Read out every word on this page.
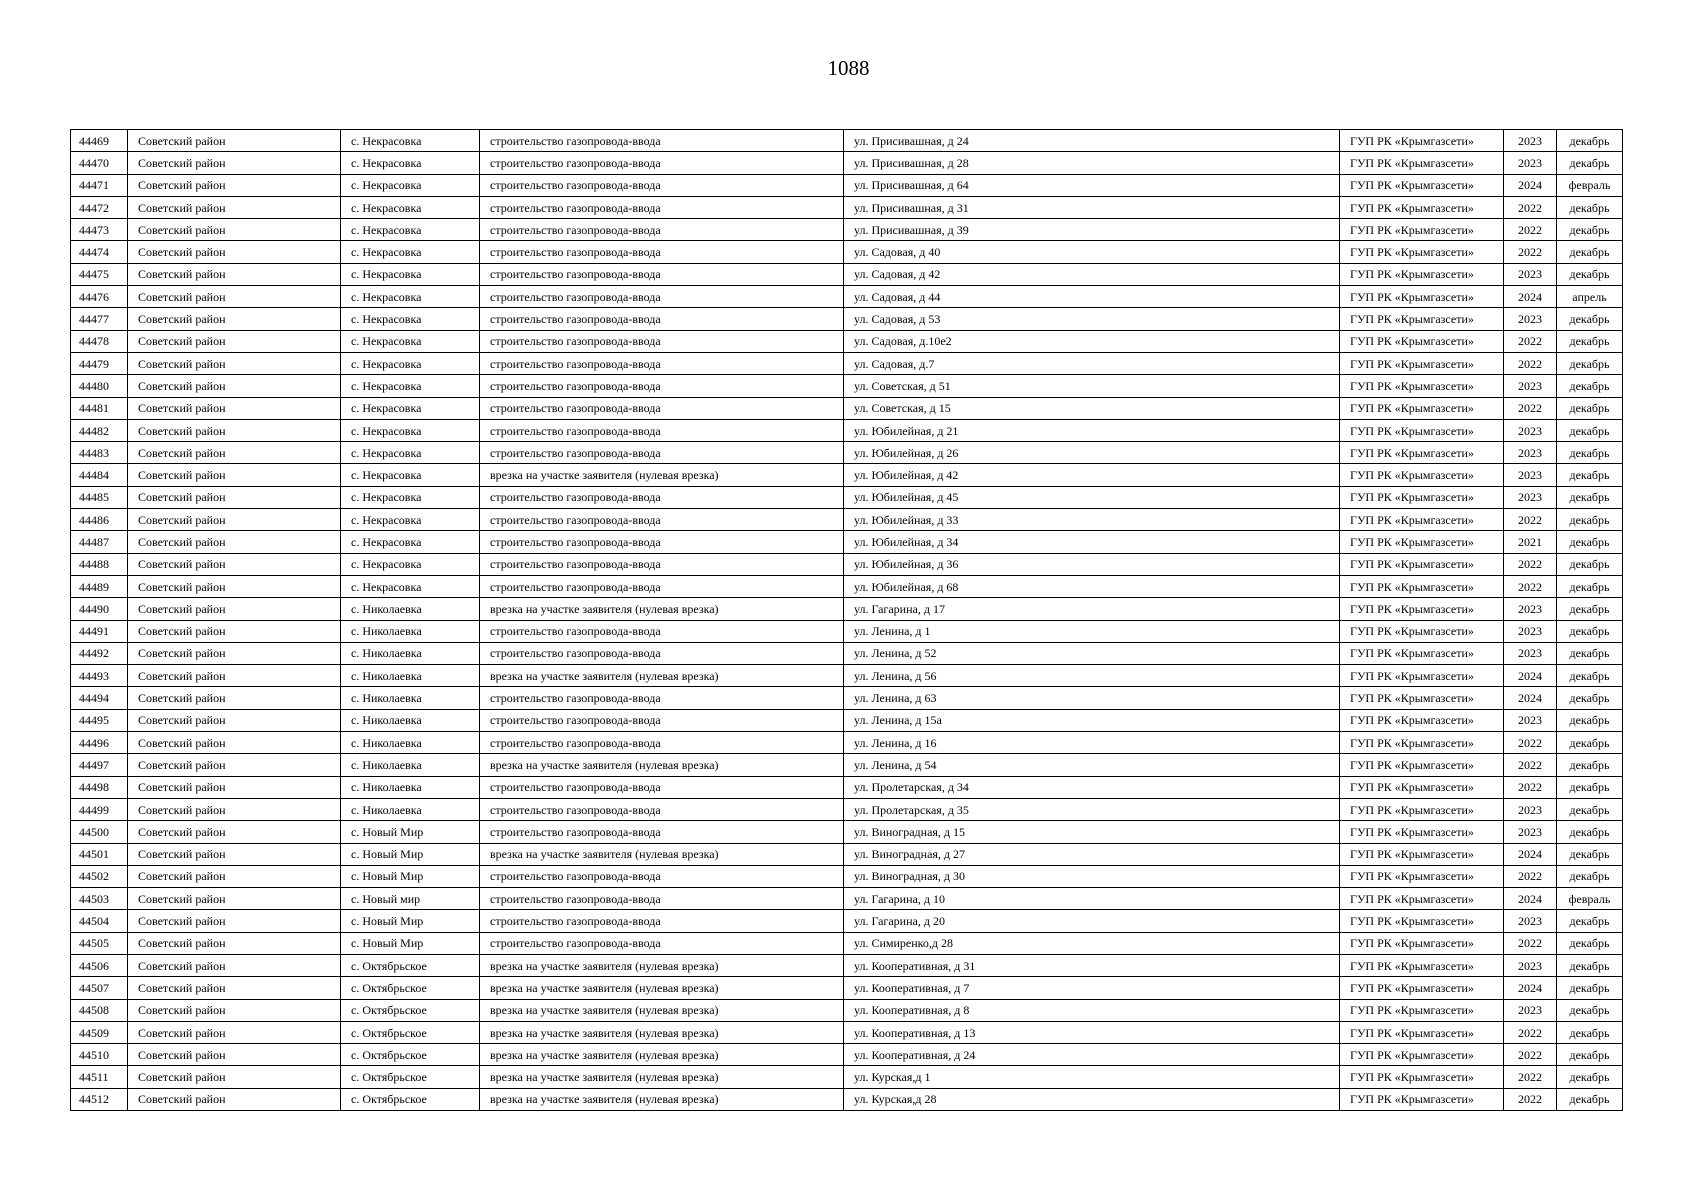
1088
44469	Советский район	с. Некрасовка	строительство газопровода-ввода	ул. Присивашная, д 24	ГУП РК «Крымгазсети»	2023	декабрь
44470	Советский район	с. Некрасовка	строительство газопровода-ввода	ул. Присивашная, д 28	ГУП РК «Крымгазсети»	2023	декабрь
44471	Советский район	с. Некрасовка	строительство газопровода-ввода	ул. Присивашная, д 64	ГУП РК «Крымгазсети»	2024	февраль
44472	Советский район	с. Некрасовка	строительство газопровода-ввода	ул. Присивашная, д 31	ГУП РК «Крымгазсети»	2022	декабрь
44473	Советский район	с. Некрасовка	строительство газопровода-ввода	ул. Присивашная, д 39	ГУП РК «Крымгазсети»	2022	декабрь
44474	Советский район	с. Некрасовка	строительство газопровода-ввода	ул. Садовая, д 40	ГУП РК «Крымгазсети»	2022	декабрь
44475	Советский район	с. Некрасовка	строительство газопровода-ввода	ул. Садовая, д 42	ГУП РК «Крымгазсети»	2023	декабрь
44476	Советский район	с. Некрасовка	строительство газопровода-ввода	ул. Садовая, д 44	ГУП РК «Крымгазсети»	2024	апрель
44477	Советский район	с. Некрасовка	строительство газопровода-ввода	ул. Садовая, д 53	ГУП РК «Крымгазсети»	2023	декабрь
44478	Советский район	с. Некрасовка	строительство газопровода-ввода	ул. Садовая, д.10е2	ГУП РК «Крымгазсети»	2022	декабрь
44479	Советский район	с. Некрасовка	строительство газопровода-ввода	ул. Садовая, д.7	ГУП РК «Крымгазсети»	2022	декабрь
44480	Советский район	с. Некрасовка	строительство газопровода-ввода	ул. Советская, д 51	ГУП РК «Крымгазсети»	2023	декабрь
44481	Советский район	с. Некрасовка	строительство газопровода-ввода	ул. Советская, д 15	ГУП РК «Крымгазсети»	2022	декабрь
44482	Советский район	с. Некрасовка	строительство газопровода-ввода	ул. Юбилейная, д 21	ГУП РК «Крымгазсети»	2023	декабрь
44483	Советский район	с. Некрасовка	строительство газопровода-ввода	ул. Юбилейная, д 26	ГУП РК «Крымгазсети»	2023	декабрь
44484	Советский район	с. Некрасовка	врезка на участке заявителя (нулевая врезка)	ул. Юбилейная, д 42	ГУП РК «Крымгазсети»	2023	декабрь
44485	Советский район	с. Некрасовка	строительство газопровода-ввода	ул. Юбилейная, д 45	ГУП РК «Крымгазсети»	2023	декабрь
44486	Советский район	с. Некрасовка	строительство газопровода-ввода	ул. Юбилейная, д 33	ГУП РК «Крымгазсети»	2022	декабрь
44487	Советский район	с. Некрасовка	строительство газопровода-ввода	ул. Юбилейная, д 34	ГУП РК «Крымгазсети»	2021	декабрь
44488	Советский район	с. Некрасовка	строительство газопровода-ввода	ул. Юбилейная, д 36	ГУП РК «Крымгазсети»	2022	декабрь
44489	Советский район	с. Некрасовка	строительство газопровода-ввода	ул. Юбилейная, д 68	ГУП РК «Крымгазсети»	2022	декабрь
44490	Советский район	с. Николаевка	врезка на участке заявителя (нулевая врезка)	ул. Гагарина, д 17	ГУП РК «Крымгазсети»	2023	декабрь
44491	Советский район	с. Николаевка	строительство газопровода-ввода	ул. Ленина, д 1	ГУП РК «Крымгазсети»	2023	декабрь
44492	Советский район	с. Николаевка	строительство газопровода-ввода	ул. Ленина, д 52	ГУП РК «Крымгазсети»	2023	декабрь
44493	Советский район	с. Николаевка	врезка на участке заявителя (нулевая врезка)	ул. Ленина, д 56	ГУП РК «Крымгазсети»	2024	декабрь
44494	Советский район	с. Николаевка	строительство газопровода-ввода	ул. Ленина, д 63	ГУП РК «Крымгазсети»	2024	декабрь
44495	Советский район	с. Николаевка	строительство газопровода-ввода	ул. Ленина, д 15а	ГУП РК «Крымгазсети»	2023	декабрь
44496	Советский район	с. Николаевка	строительство газопровода-ввода	ул. Ленина, д 16	ГУП РК «Крымгазсети»	2022	декабрь
44497	Советский район	с. Николаевка	врезка на участке заявителя (нулевая врезка)	ул. Ленина, д 54	ГУП РК «Крымгазсети»	2022	декабрь
44498	Советский район	с. Николаевка	строительство газопровода-ввода	ул. Пролетарская, д 34	ГУП РК «Крымгазсети»	2022	декабрь
44499	Советский район	с. Николаевка	строительство газопровода-ввода	ул. Пролетарская, д 35	ГУП РК «Крымгазсети»	2023	декабрь
44500	Советский район	с. Новый Мир	строительство газопровода-ввода	ул. Виноградная, д 15	ГУП РК «Крымгазсети»	2023	декабрь
44501	Советский район	с. Новый Мир	врезка на участке заявителя (нулевая врезка)	ул. Виноградная, д 27	ГУП РК «Крымгазсети»	2024	декабрь
44502	Советский район	с. Новый Мир	строительство газопровода-ввода	ул. Виноградная, д 30	ГУП РК «Крымгазсети»	2022	декабрь
44503	Советский район	с. Новый мир	строительство газопровода-ввода	ул. Гагарина, д 10	ГУП РК «Крымгазсети»	2024	февраль
44504	Советский район	с. Новый Мир	строительство газопровода-ввода	ул. Гагарина, д 20	ГУП РК «Крымгазсети»	2023	декабрь
44505	Советский район	с. Новый Мир	строительство газопровода-ввода	ул. Симиренко,д 28	ГУП РК «Крымгазсети»	2022	декабрь
44506	Советский район	с. Октябрьское	врезка на участке заявителя (нулевая врезка)	ул. Кооперативная, д 31	ГУП РК «Крымгазсети»	2023	декабрь
44507	Советский район	с. Октябрьское	врезка на участке заявителя (нулевая врезка)	ул. Кооперативная, д 7	ГУП РК «Крымгазсети»	2024	декабрь
44508	Советский район	с. Октябрьское	врезка на участке заявителя (нулевая врезка)	ул. Кооперативная, д 8	ГУП РК «Крымгазсети»	2023	декабрь
44509	Советский район	с. Октябрьское	врезка на участке заявителя (нулевая врезка)	ул. Кооперативная, д 13	ГУП РК «Крымгазсети»	2022	декабрь
44510	Советский район	с. Октябрьское	врезка на участке заявителя (нулевая врезка)	ул. Кооперативная, д 24	ГУП РК «Крымгазсети»	2022	декабрь
44511	Советский район	с. Октябрьское	врезка на участке заявителя (нулевая врезка)	ул. Курская,д 1	ГУП РК «Крымгазсети»	2022	декабрь
44512	Советский район	с. Октябрьское	врезка на участке заявителя (нулевая врезка)	ул. Курская,д 28	ГУП РК «Крымгазсети»	2022	декабрь
